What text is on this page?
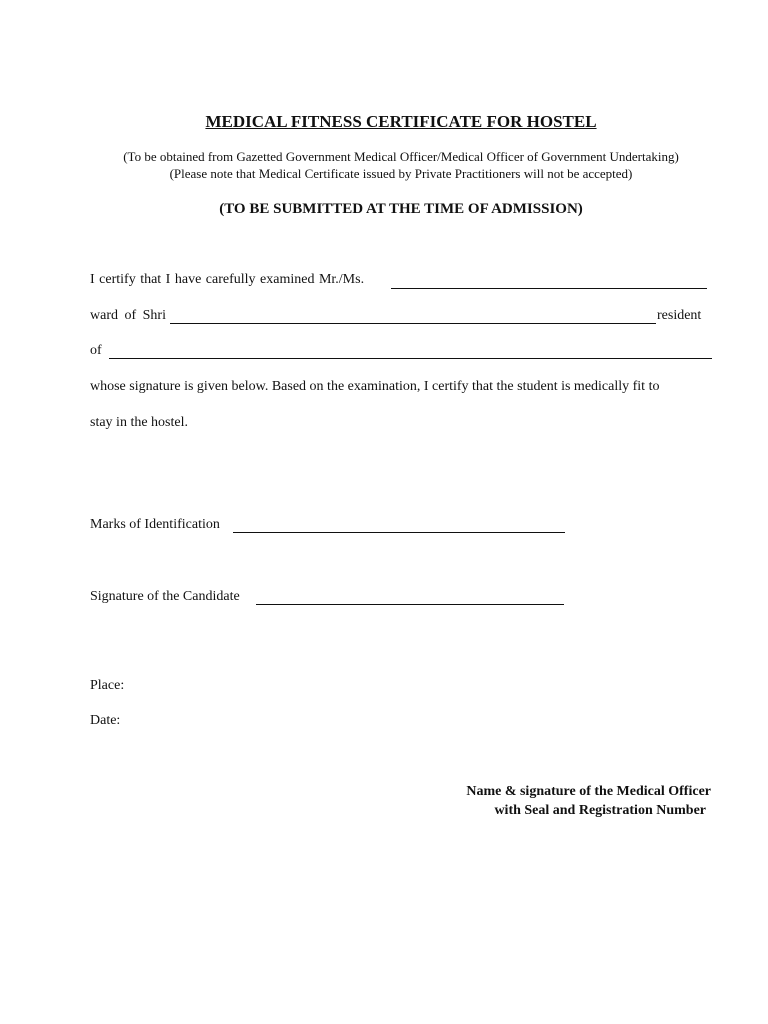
MEDICAL FITNESS CERTIFICATE FOR HOSTEL
(To be obtained from Gazetted Government Medical Officer/Medical Officer of Government Undertaking)
(Please note that Medical Certificate issued by Private Practitioners will not be accepted)
(TO BE SUBMITTED AT THE TIME OF ADMISSION)
I certify that I have carefully examined Mr./Ms.
ward of Shri	resident
of
whose signature is given below. Based on the examination, I certify that the student is medically fit to
stay in the hostel.
Marks of Identification
Signature of the Candidate
Place:
Date:
Name & signature of the Medical Officer
with Seal and Registration Number
